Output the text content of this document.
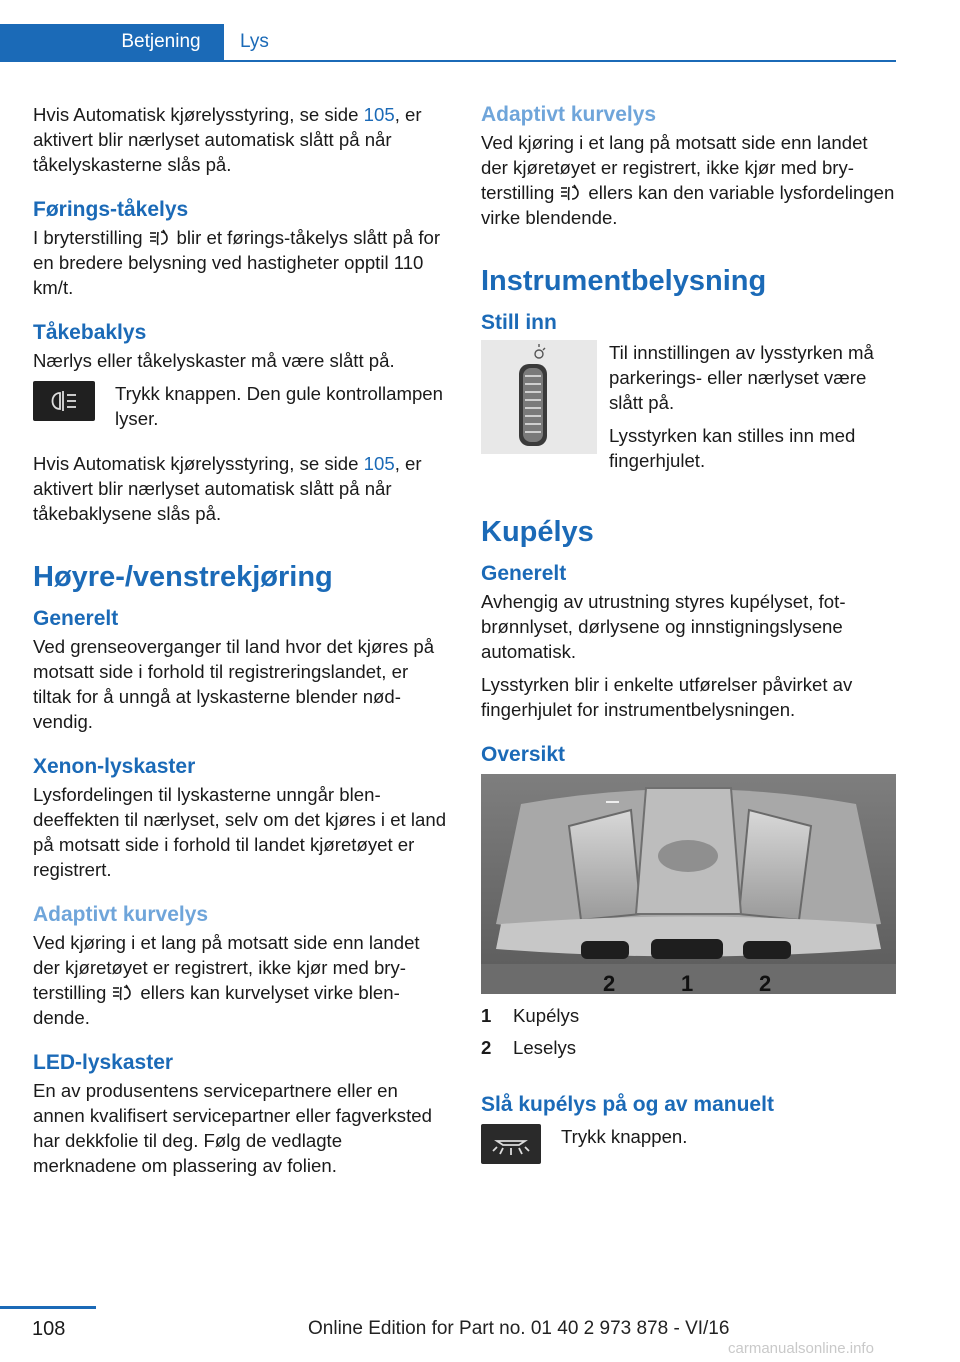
Betjening	Lys

Hvis Automatisk kjørelysstyring, se side 105, er aktivert blir nærlyset automatisk slått på når tåkelyskasterne slås på.

Førings-tåkelys

I bryterstilling blir et førings-tåkelys slått på for en bredere belysning ved hastigheter opptil 110 km/t.

Tåkebaklys

Nærlys eller tåkelyskaster må være slått på.

Trykk knappen. Den gule kontrollampen lyser.

Hvis Automatisk kjørelysstyring, se side 105, er aktivert blir nærlyset automatisk slått på når tåkebaklysene slås på.

Høyre-/venstrekjøring
Generelt

Ved grenseoverganger til land hvor det kjøres på motsatt side i forhold til registreringslandet, er tiltak for å unngå at lyskasterne blender nødvendig.

Xenon-lyskaster

Lysfordelingen til lyskasterne unngår blendeeffekten til nærlyset, selv om det kjøres i et land på motsatt side i forhold til landet kjøretøyet er registrert.

Adaptivt kurvelys

Ved kjøring i et lang på motsatt side enn landet der kjøretøyet er registrert, ikke kjør med bryterstilling ellers kan kurvelyset virke blendende.

LED-lyskaster

En av produsentens servicepartnere eller en annen kvalifisert servicepartner eller fagverksted har dekkfolie til deg. Følg de vedlagte merknadene om plassering av folien.

Adaptivt kurvelys

Ved kjøring i et lang på motsatt side enn landet der kjøretøyet er registrert, ikke kjør med bryterstilling ellers kan den variable lysfordelingen virke blendende.

Instrumentbelysning
Still inn

Til innstillingen av lysstyrken må parkerings- eller nærlyset være slått på.

Lysstyrken kan stilles inn med fingerhjulet.

Kupélys
Generelt

Avhengig av utrustning styres kupélyset, fotbrønnlyset, dørlysene og innstigningslysene automatisk.

Lysstyrken blir i enkelte utførelser påvirket av fingerhjulet for instrumentbelysningen.

Oversikt
2	1	2
1	Kupélys
2	Leselys
Slå kupélys på og av manuelt

Trykk knappen.

108	Online Edition for Part no. 01 40 2 973 878 - VI/16
carmanualsonline.info
